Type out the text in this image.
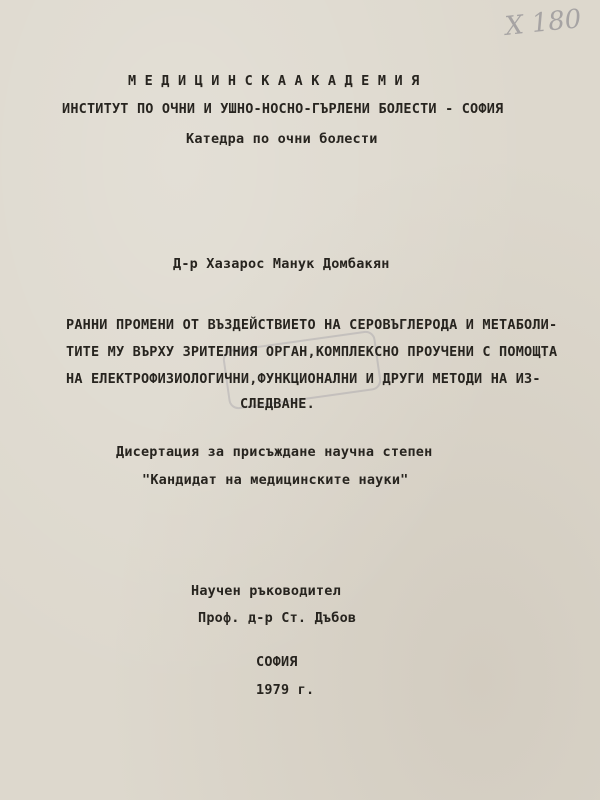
Х 180
М Е Д И Ц И Н С К А А К А Д Е М И Я
ИНСТИТУТ ПО ОЧНИ И УШНО-НОСНО-ГЪРЛЕНИ БОЛЕСТИ - СОФИЯ
Катедра по очни болести
Д-р Хазарос Манук Домбакян
РАННИ ПРОМЕНИ ОТ ВЪЗДЕЙСТВИЕТО НА СЕРОВЪГЛЕРОДА И МЕТАБОЛИ-
ТИТЕ МУ ВЪРХУ ЗРИТЕЛНИЯ ОРГАН,КОМПЛЕКСНО ПРОУЧЕНИ С ПОМОЩТА
НА ЕЛЕКТРОФИЗИОЛОГИЧНИ,ФУНКЦИОНАЛНИ И ДРУГИ МЕТОДИ НА ИЗ-
СЛЕДВАНЕ.
Дисертация за присъждане научна степен
"Кандидат на медицинските науки"
Научен ръководител
Проф. д-р Ст. Дъбов
СОФИЯ
1979 г.
